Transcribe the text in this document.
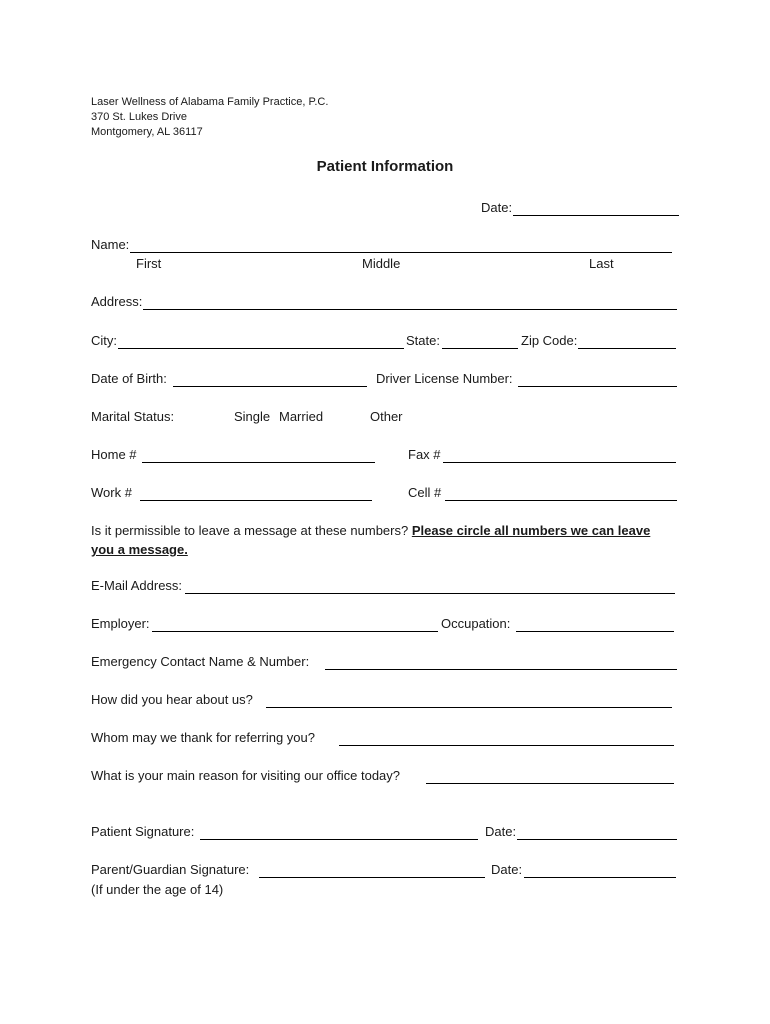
Laser Wellness of Alabama Family Practice, P.C.
370 St. Lukes Drive
Montgomery, AL 36117
Patient Information
Date:
Name:
First	Middle	Last
Address:
City:	State:	Zip Code:
Date of Birth:	Driver License Number:
Marital Status:	Single Married	Other
Home #	Fax #
Work #	Cell #
Is it permissible to leave a message at these numbers? Please circle all numbers we can leave you a message.
E-Mail Address:
Employer:	Occupation:
Emergency Contact Name & Number:
How did you hear about us?
Whom may we thank for referring you?
What is your main reason for visiting our office today?
Patient Signature:	Date:
Parent/Guardian Signature:	Date:
(If under the age of 14)
